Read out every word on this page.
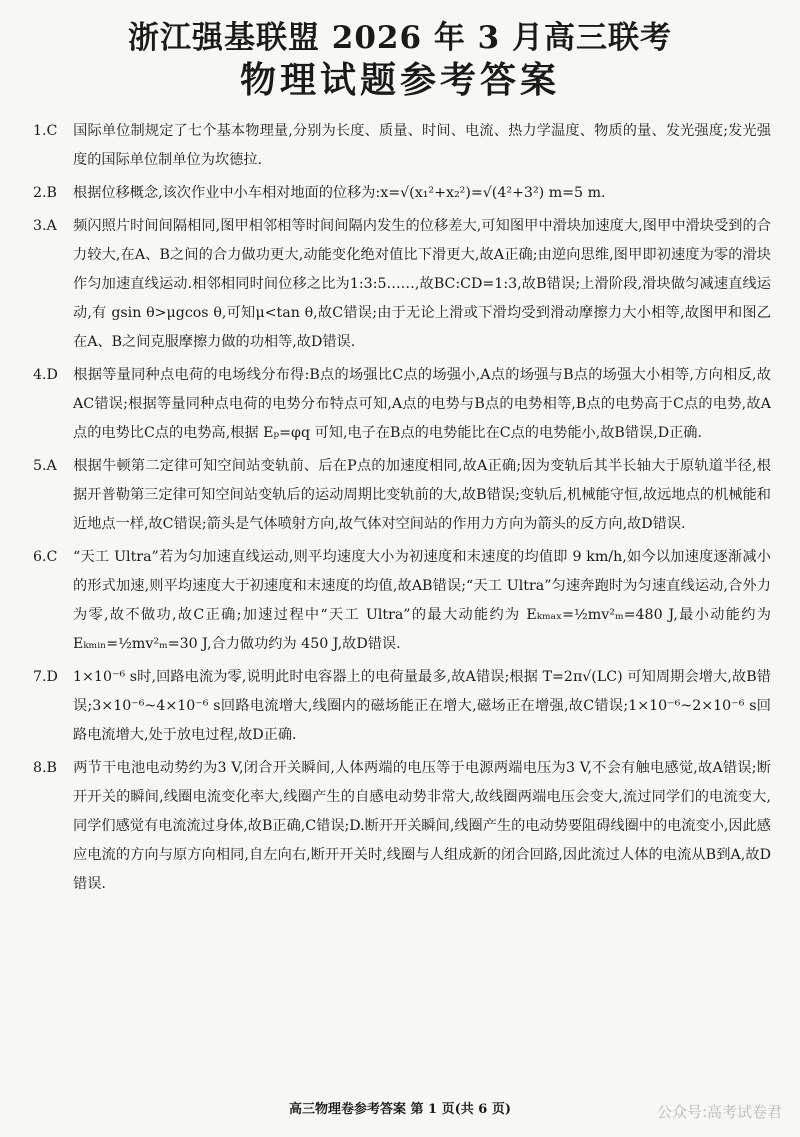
浙江强基联盟 2026 年 3 月高三联考
物理试题参考答案
1.C 国际单位制规定了七个基本物理量,分别为长度、质量、时间、电流、热力学温度、物质的量、发光强度;发光强度的国际单位制单位为坎德拉.
2.B 根据位移概念,该次作业中小车相对地面的位移为:x=√(x₁²+x₂²)=√(4²+3²) m=5 m.
3.A 频闪照片时间间隔相同,图甲相邻相等时间间隔内发生的位移差大,可知图甲中滑块加速度大,图甲中滑块受到的合力较大,在A、B之间的合力做功更大,动能变化绝对值比下滑更大,故A正确;由逆向思维,图甲即初速度为零的滑块作匀加速直线运动.相邻相同时间位移之比为1:3:5……,故BC:CD=1:3,故B错误;上滑阶段,滑块做匀减速直线运动,有 gsin θ>μgcos θ,可知μ<tan θ,故C错误;由于无论上滑或下滑均受到滑动摩擦力大小相等,故图甲和图乙在A、B之间克服摩擦力做的功相等,故D错误.
4.D 根据等量同种点电荷的电场线分布得:B点的场强比C点的场强小,A点的场强与B点的场强大小相等,方向相反,故AC错误;根据等量同种点电荷的电势分布特点可知,A点的电势与B点的电势相等,B点的电势高于C点的电势,故A点的电势比C点的电势高,根据 Eₚ=φq 可知,电子在B点的电势能比在C点的电势能小,故B错误,D正确.
5.A 根据牛顿第二定律可知空间站变轨前、后在P点的加速度相同,故A正确;因为变轨后其半长轴大于原轨道半径,根据开普勒第三定律可知空间站变轨后的运动周期比变轨前的大,故B错误;变轨后,机械能守恒,故远地点的机械能和近地点一样,故C错误;箭头是气体喷射方向,故气体对空间站的作用力方向为箭头的反方向,故D错误.
6.C “天工 Ultra”若为匀加速直线运动,则平均速度大小为初速度和末速度的均值即 9 km/h,如今以加速度逐渐减小的形式加速,则平均速度大于初速度和末速度的均值,故AB错误;“天工 Ultra”匀速奔跑时为匀速直线运动,合外力为零,故不做功,故C正确;加速过程中“天工 Ultra”的最大动能约为 Eₖₘₐₓ=½mv²ₘ=480 J,最小动能约为 Eₖₘᵢₙ=½mv²ₘ=30 J,合力做功约为 450 J,故D错误.
7.D 1×10⁻⁶ s时,回路电流为零,说明此时电容器上的电荷量最多,故A错误;根据 T=2π√(LC) 可知周期会增大,故B错误;3×10⁻⁶~4×10⁻⁶ s回路电流增大,线圈内的磁场能正在增大,磁场正在增强,故C错误;1×10⁻⁶~2×10⁻⁶ s回路电流增大,处于放电过程,故D正确.
8.B 两节干电池电动势约为3 V,闭合开关瞬间,人体两端的电压等于电源两端电压为3 V,不会有触电感觉,故A错误;断开开关的瞬间,线圈电流变化率大,线圈产生的自感电动势非常大,故线圈两端电压会变大,流过同学们的电流变大,同学们感觉有电流流过身体,故B正确,C错误;D.断开开关瞬间,线圈产生的电动势要阻碍线圈中的电流变小,因此感应电流的方向与原方向相同,自左向右,断开开关时,线圈与人组成新的闭合回路,因此流过人体的电流从B到A,故D错误.
高三物理卷参考答案 第 1 页(共 6 页)	公众号:高考试卷君
